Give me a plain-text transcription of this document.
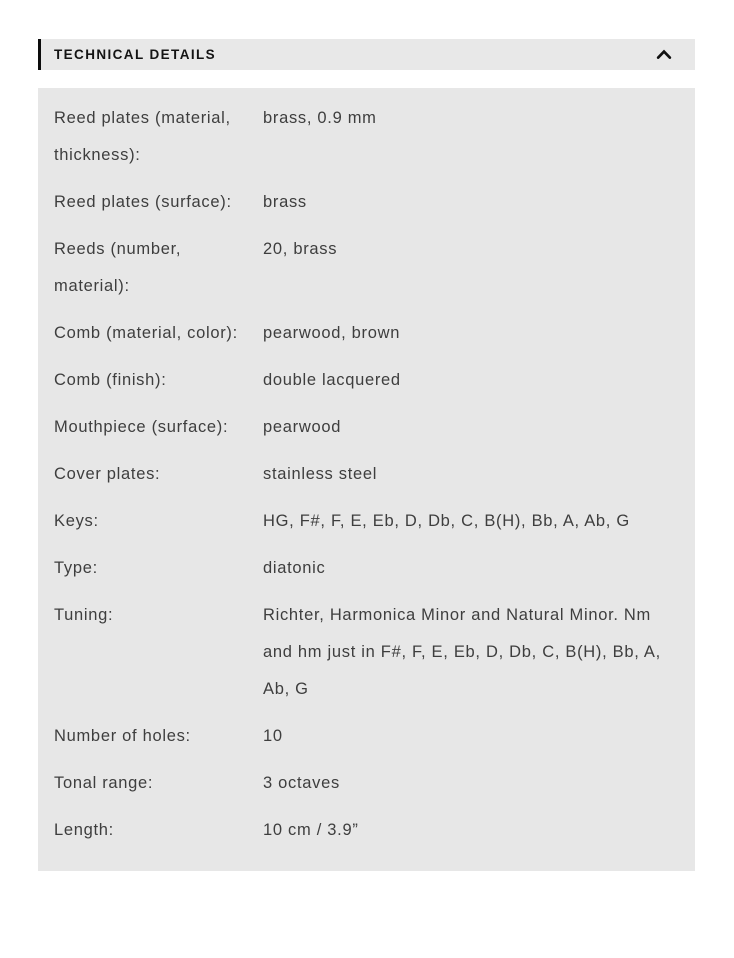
TECHNICAL DETAILS
Reed plates (material, thickness):
brass, 0.9 mm
Reed plates (surface):	brass
Reeds (number, material):
20, brass
Comb (material, color):	pearwood, brown
Comb (finish):	double lacquered
Mouthpiece (surface):	pearwood
Cover plates:	stainless steel
Keys:	HG, F#, F, E, Eb, D, Db, C, B(H), Bb, A, Ab, G
Type:	diatonic
Tuning:	Richter, Harmonica Minor and Natural Minor. Nm and hm just in F#, F, E, Eb, D, Db, C, B(H), Bb, A, Ab, G
Number of holes:	10
Tonal range:	3 octaves
Length:	10 cm / 3.9”
